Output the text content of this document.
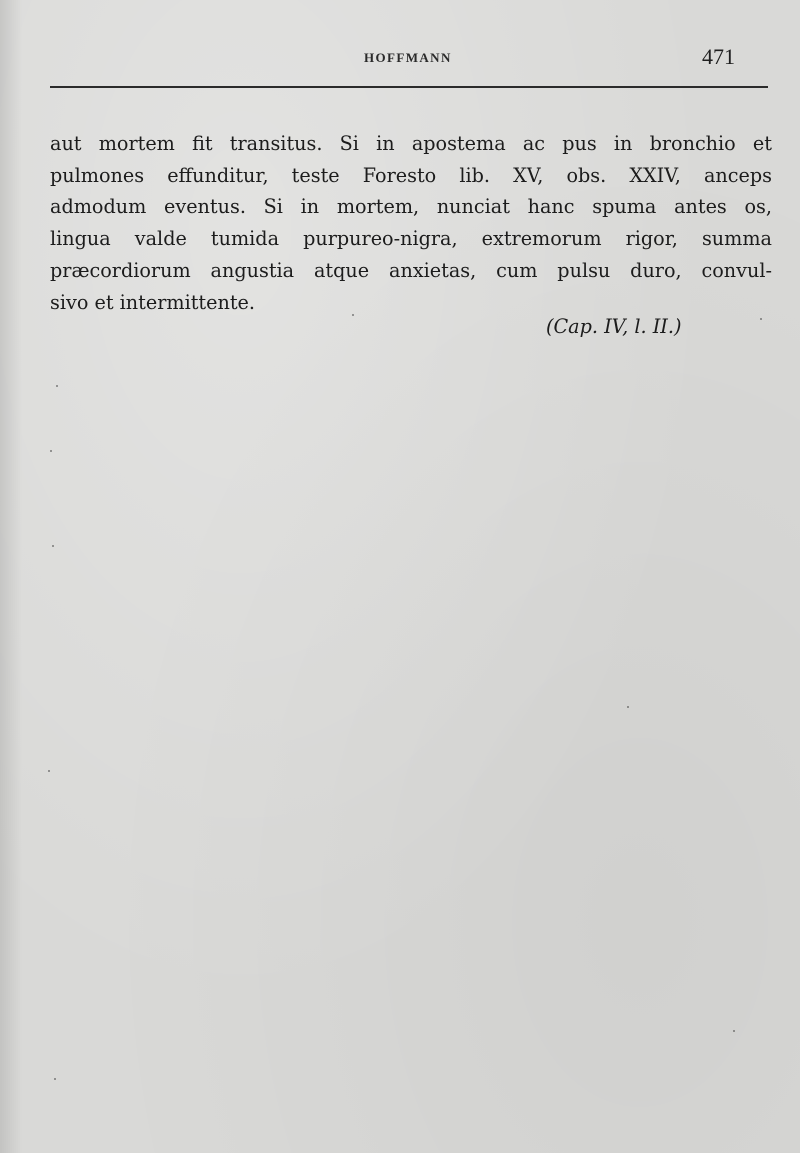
HOFFMANN	471
aut mortem fit transitus. Si in apostema ac pus in bronchio et
pulmones effunditur, teste Foresto lib. XV, obs. XXIV, anceps
admodum eventus. Si in mortem, nunciat hanc spuma antes os,
lingua valde tumida purpureo-nigra, extremorum rigor, summa
præcordiorum angustia atque anxietas, cum pulsu duro, convul-
sivo et intermittente.
(Cap. IV, l. II.)
